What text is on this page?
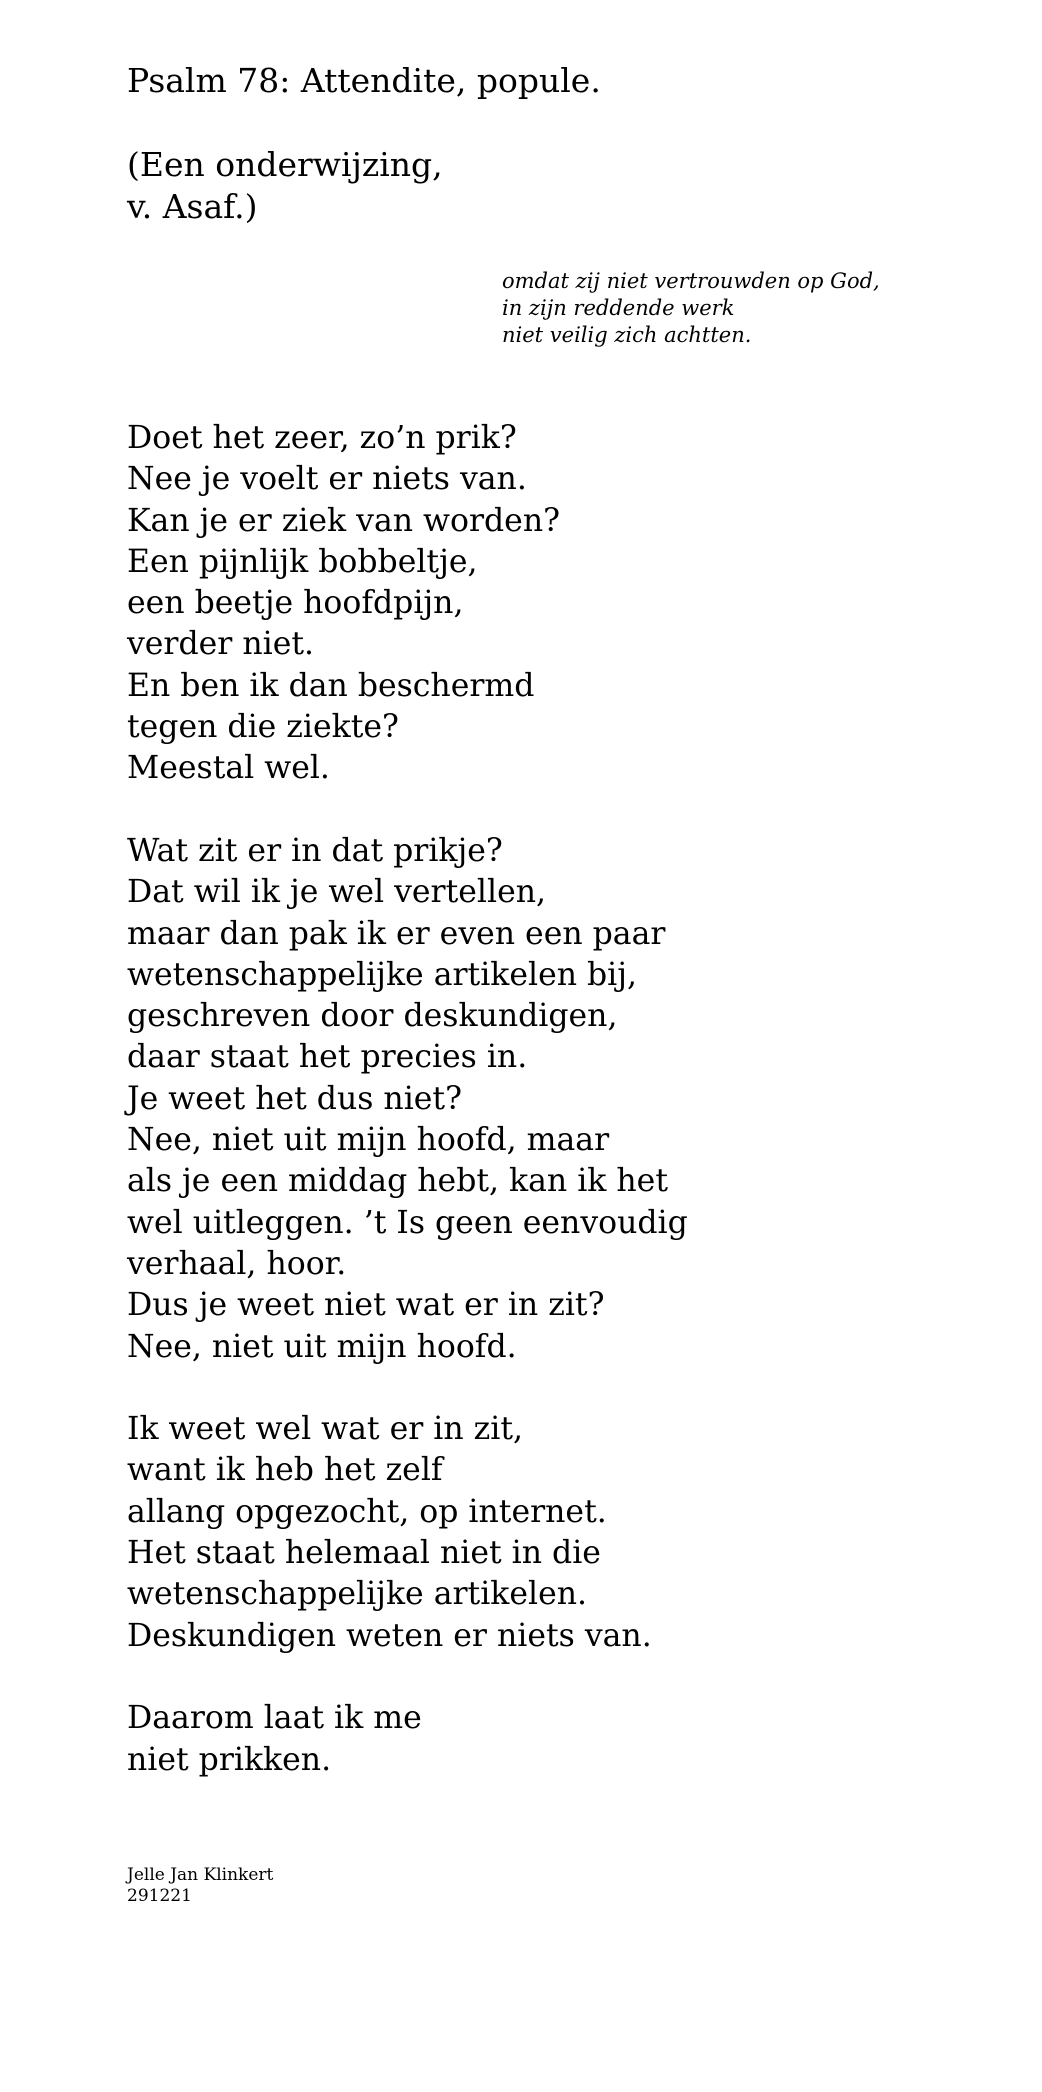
Psalm 78: Attendite, popule.
(Een onderwijzing,
v. Asaf.)
omdat zij niet vertrouwden op God,
in zijn reddende werk
niet veilig zich achtten.
Doet het zeer, zo’n prik?
Nee je voelt er niets van.
Kan je er ziek van worden?
Een pijnlijk bobbeltje,
een beetje hoofdpijn,
verder niet.
En ben ik dan beschermd
tegen die ziekte?
Meestal wel.
Wat zit er in dat prikje?
Dat wil ik je wel vertellen,
maar dan pak ik er even een paar
wetenschappelijke artikelen bij,
geschreven door deskundigen,
daar staat het precies in.
Je weet het dus niet?
Nee, niet uit mijn hoofd, maar
als je een middag hebt, kan ik het
wel uitleggen. ’t Is geen eenvoudig
verhaal, hoor.
Dus je weet niet wat er in zit?
Nee, niet uit mijn hoofd.
Ik weet wel wat er in zit,
want ik heb het zelf
allang opgezocht, op internet.
Het staat helemaal niet in die
wetenschappelijke artikelen.
Deskundigen weten er niets van.
Daarom laat ik me
niet prikken.
Jelle Jan Klinkert
291221
